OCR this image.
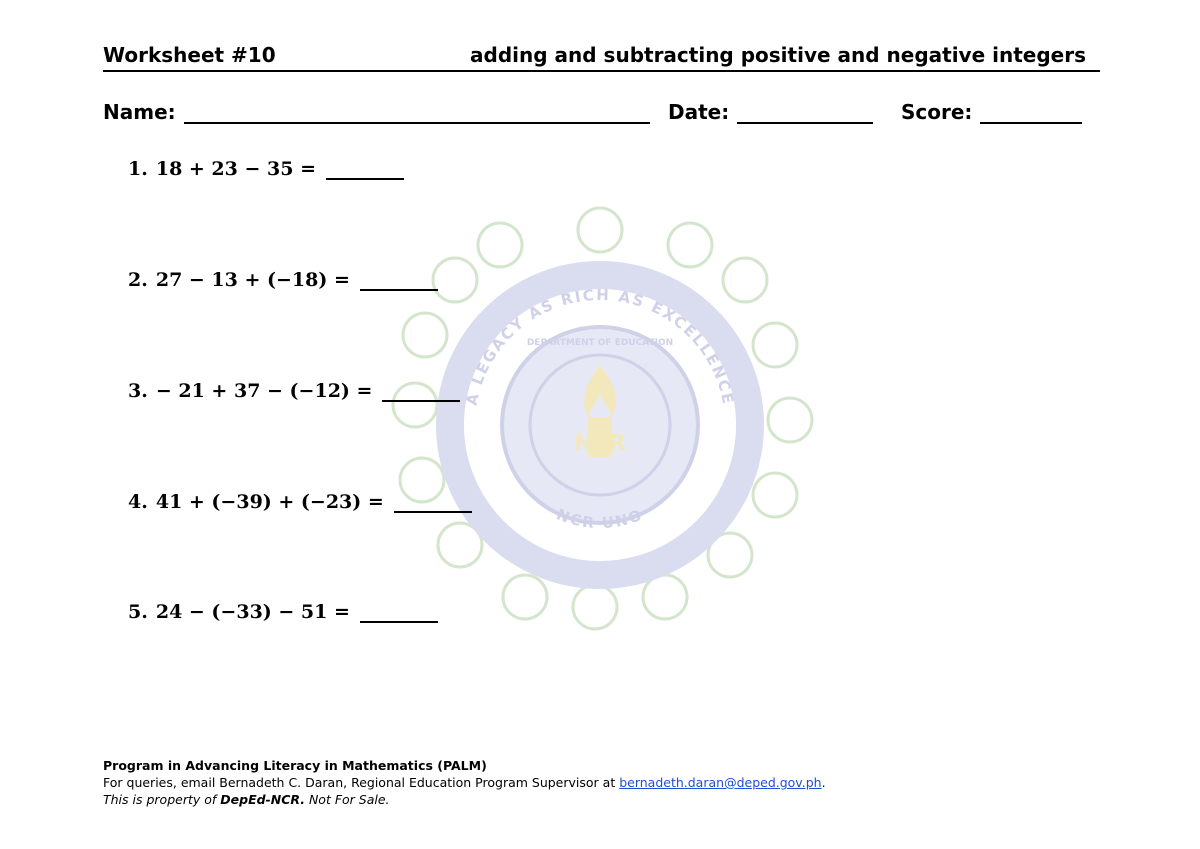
NCR
A LEGACY AS RICH AS EXCELLENCE
DEPARTMENT OF EDUCATION
NCR UNO
Worksheet #10	adding and subtracting positive and negative integers
Name:	Date:	Score:
1. 18 + 23 − 35 =
2. 27 − 13 + (−18) =
3. − 21 + 37 − (−12) =
4. 41 + (−39) + (−23) =
5. 24 − (−33) − 51 =
Program in Advancing Literacy in Mathematics (PALM)
For queries, email Bernadeth C. Daran, Regional Education Program Supervisor at bernadeth.daran@deped.gov.ph.
This is property of DepEd-NCR. Not For Sale.
